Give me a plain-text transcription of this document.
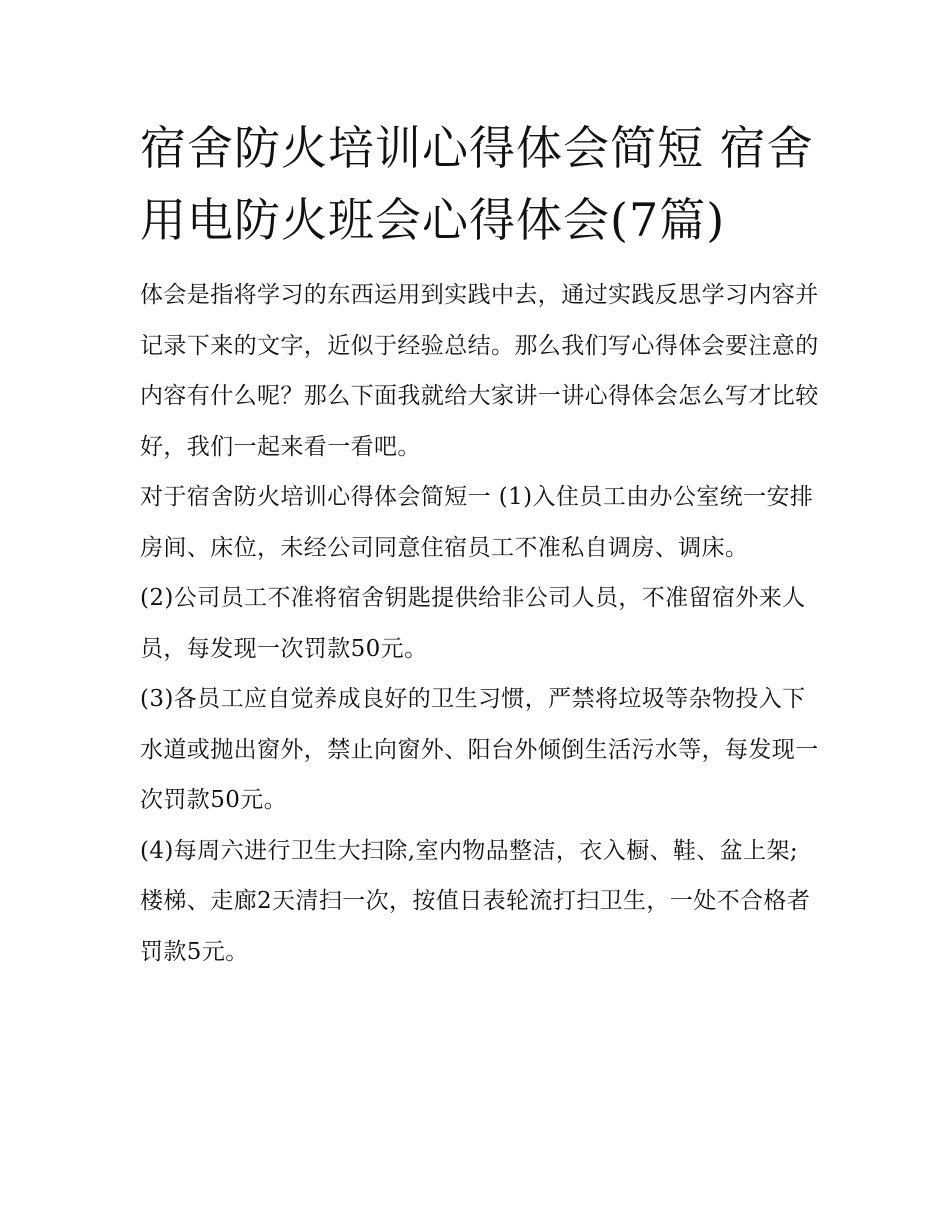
宿舍防火培训心得体会简短 宿舍用电防火班会心得体会(7篇)

体会是指将学习的东西运用到实践中去，通过实践反思学习内容并记录下来的文字，近似于经验总结。那么我们写心得体会要注意的内容有什么呢？那么下面我就给大家讲一讲心得体会怎么写才比较好，我们一起来看一看吧。

对于宿舍防火培训心得体会简短一 (1)入住员工由办公室统一安排房间、床位，未经公司同意住宿员工不准私自调房、调床。

(2)公司员工不准将宿舍钥匙提供给非公司人员，不准留宿外来人员，每发现一次罚款50元。

(3)各员工应自觉养成良好的卫生习惯，严禁将垃圾等杂物投入下水道或抛出窗外，禁止向窗外、阳台外倾倒生活污水等，每发现一次罚款50元。

(4)每周六进行卫生大扫除,室内物品整洁，衣入橱、鞋、盆上架;楼梯、走廊2天清扫一次，按值日表轮流打扫卫生，一处不合格者罚款5元。
